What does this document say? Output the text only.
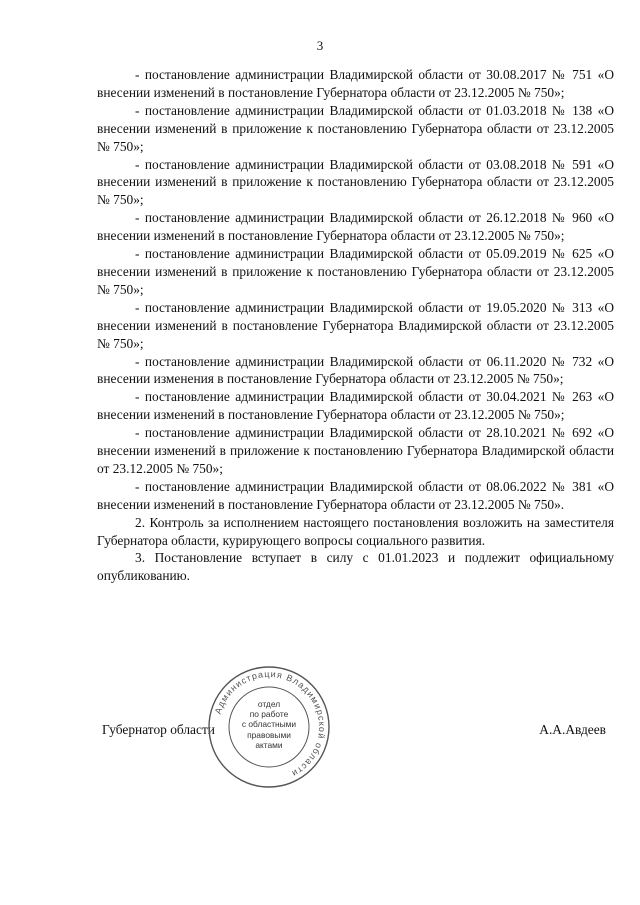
3

- постановление администрации Владимирской области от 30.08.2017 № 751 «О внесении изменений в постановление Губернатора области от 23.12.2005 № 750»;

- постановление администрации Владимирской области от 01.03.2018 № 138 «О внесении изменений в приложение к постановлению Губернатора области от 23.12.2005 № 750»;

- постановление администрации Владимирской области от 03.08.2018 № 591 «О внесении изменений в приложение к постановлению Губернатора области от 23.12.2005 № 750»;

- постановление администрации Владимирской области от 26.12.2018 № 960 «О внесении изменений в постановление Губернатора области от 23.12.2005 № 750»;

- постановление администрации Владимирской области от 05.09.2019 № 625 «О внесении изменений в приложение к постановлению Губернатора области от 23.12.2005 № 750»;

- постановление администрации Владимирской области от 19.05.2020 № 313 «О внесении изменений в постановление Губернатора Владимирской области от 23.12.2005 № 750»;

- постановление администрации Владимирской области от 06.11.2020 № 732 «О внесении изменения в постановление Губернатора области от 23.12.2005 № 750»;

- постановление администрации Владимирской области от 30.04.2021 № 263 «О внесении изменений в постановление Губернатора области от 23.12.2005 № 750»;

- постановление администрации Владимирской области от 28.10.2021 № 692 «О внесении изменений в приложение к постановлению Губернатора Владимирской области от 23.12.2005 № 750»;

- постановление администрации Владимирской области от 08.06.2022 № 381 «О внесении изменений в постановление Губернатора области от 23.12.2005 № 750».

2. Контроль за исполнением настоящего постановления возложить на заместителя Губернатора области, курирующего вопросы социального развития.

3. Постановление вступает в силу с 01.01.2023 и подлежит официальному опубликованию.

Губернатор области	А.А.Авдеев
Администрация Владимирской области
отдел
по работе
с областными
правовыми
актами
